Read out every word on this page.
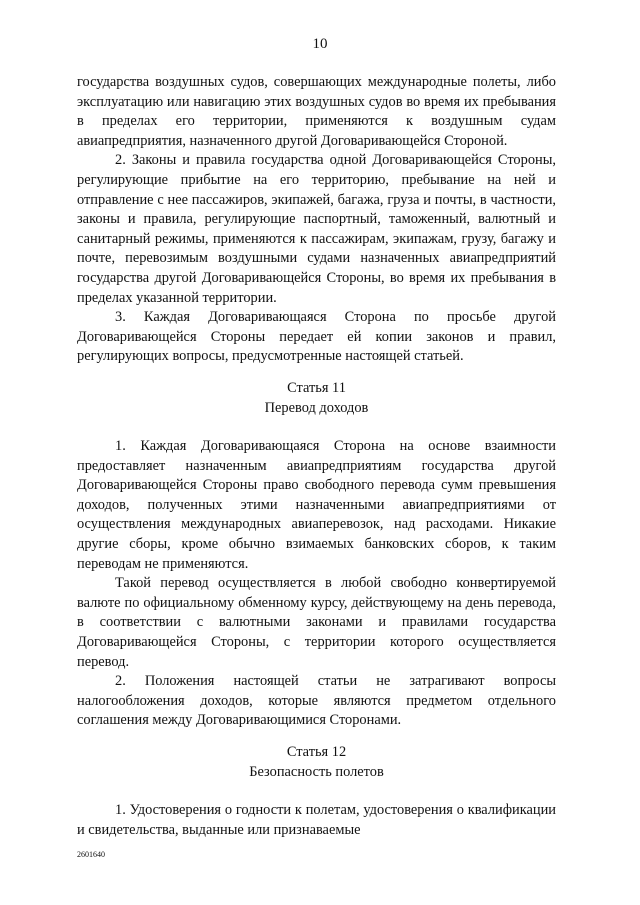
10

государства воздушных судов, совершающих международные полеты, либо эксплуатацию или навигацию этих воздушных судов во время их пребывания в пределах его территории, применяются к воздушным судам авиапредприятия, назначенного другой Договаривающейся Стороной.

2. Законы и правила государства одной Договаривающейся Стороны, регулирующие прибытие на его территорию, пребывание на ней и отправление с нее пассажиров, экипажей, багажа, груза и почты, в частности, законы и правила, регулирующие паспортный, таможенный, валютный и санитарный режимы, применяются к пассажирам, экипажам, грузу, багажу и почте, перевозимым воздушными судами назначенных авиапредприятий государства другой Договаривающейся Стороны, во время их пребывания в пределах указанной территории.

3. Каждая Договаривающаяся Сторона по просьбе другой Договаривающейся Стороны передает ей копии законов и правил, регулирующих вопросы, предусмотренные настоящей статьей.

Статья 11
Перевод доходов

1. Каждая Договаривающаяся Сторона на основе взаимности предоставляет назначенным авиапредприятиям государства другой Договаривающейся Стороны право свободного перевода сумм превышения доходов, полученных этими назначенными авиапредприятиями от осуществления международных авиаперевозок, над расходами. Никакие другие сборы, кроме обычно взимаемых банковских сборов, к таким переводам не применяются.

Такой перевод осуществляется в любой свободно конвертируемой валюте по официальному обменному курсу, действующему на день перевода, в соответствии с валютными законами и правилами государства Договаривающейся Стороны, с территории которого осуществляется перевод.

2. Положения настоящей статьи не затрагивают вопросы налогообложения доходов, которые являются предметом отдельного соглашения между Договаривающимися Сторонами.

Статья 12
Безопасность полетов

1. Удостоверения о годности к полетам, удостоверения о квалификации и свидетельства, выданные или признаваемые

2601640
